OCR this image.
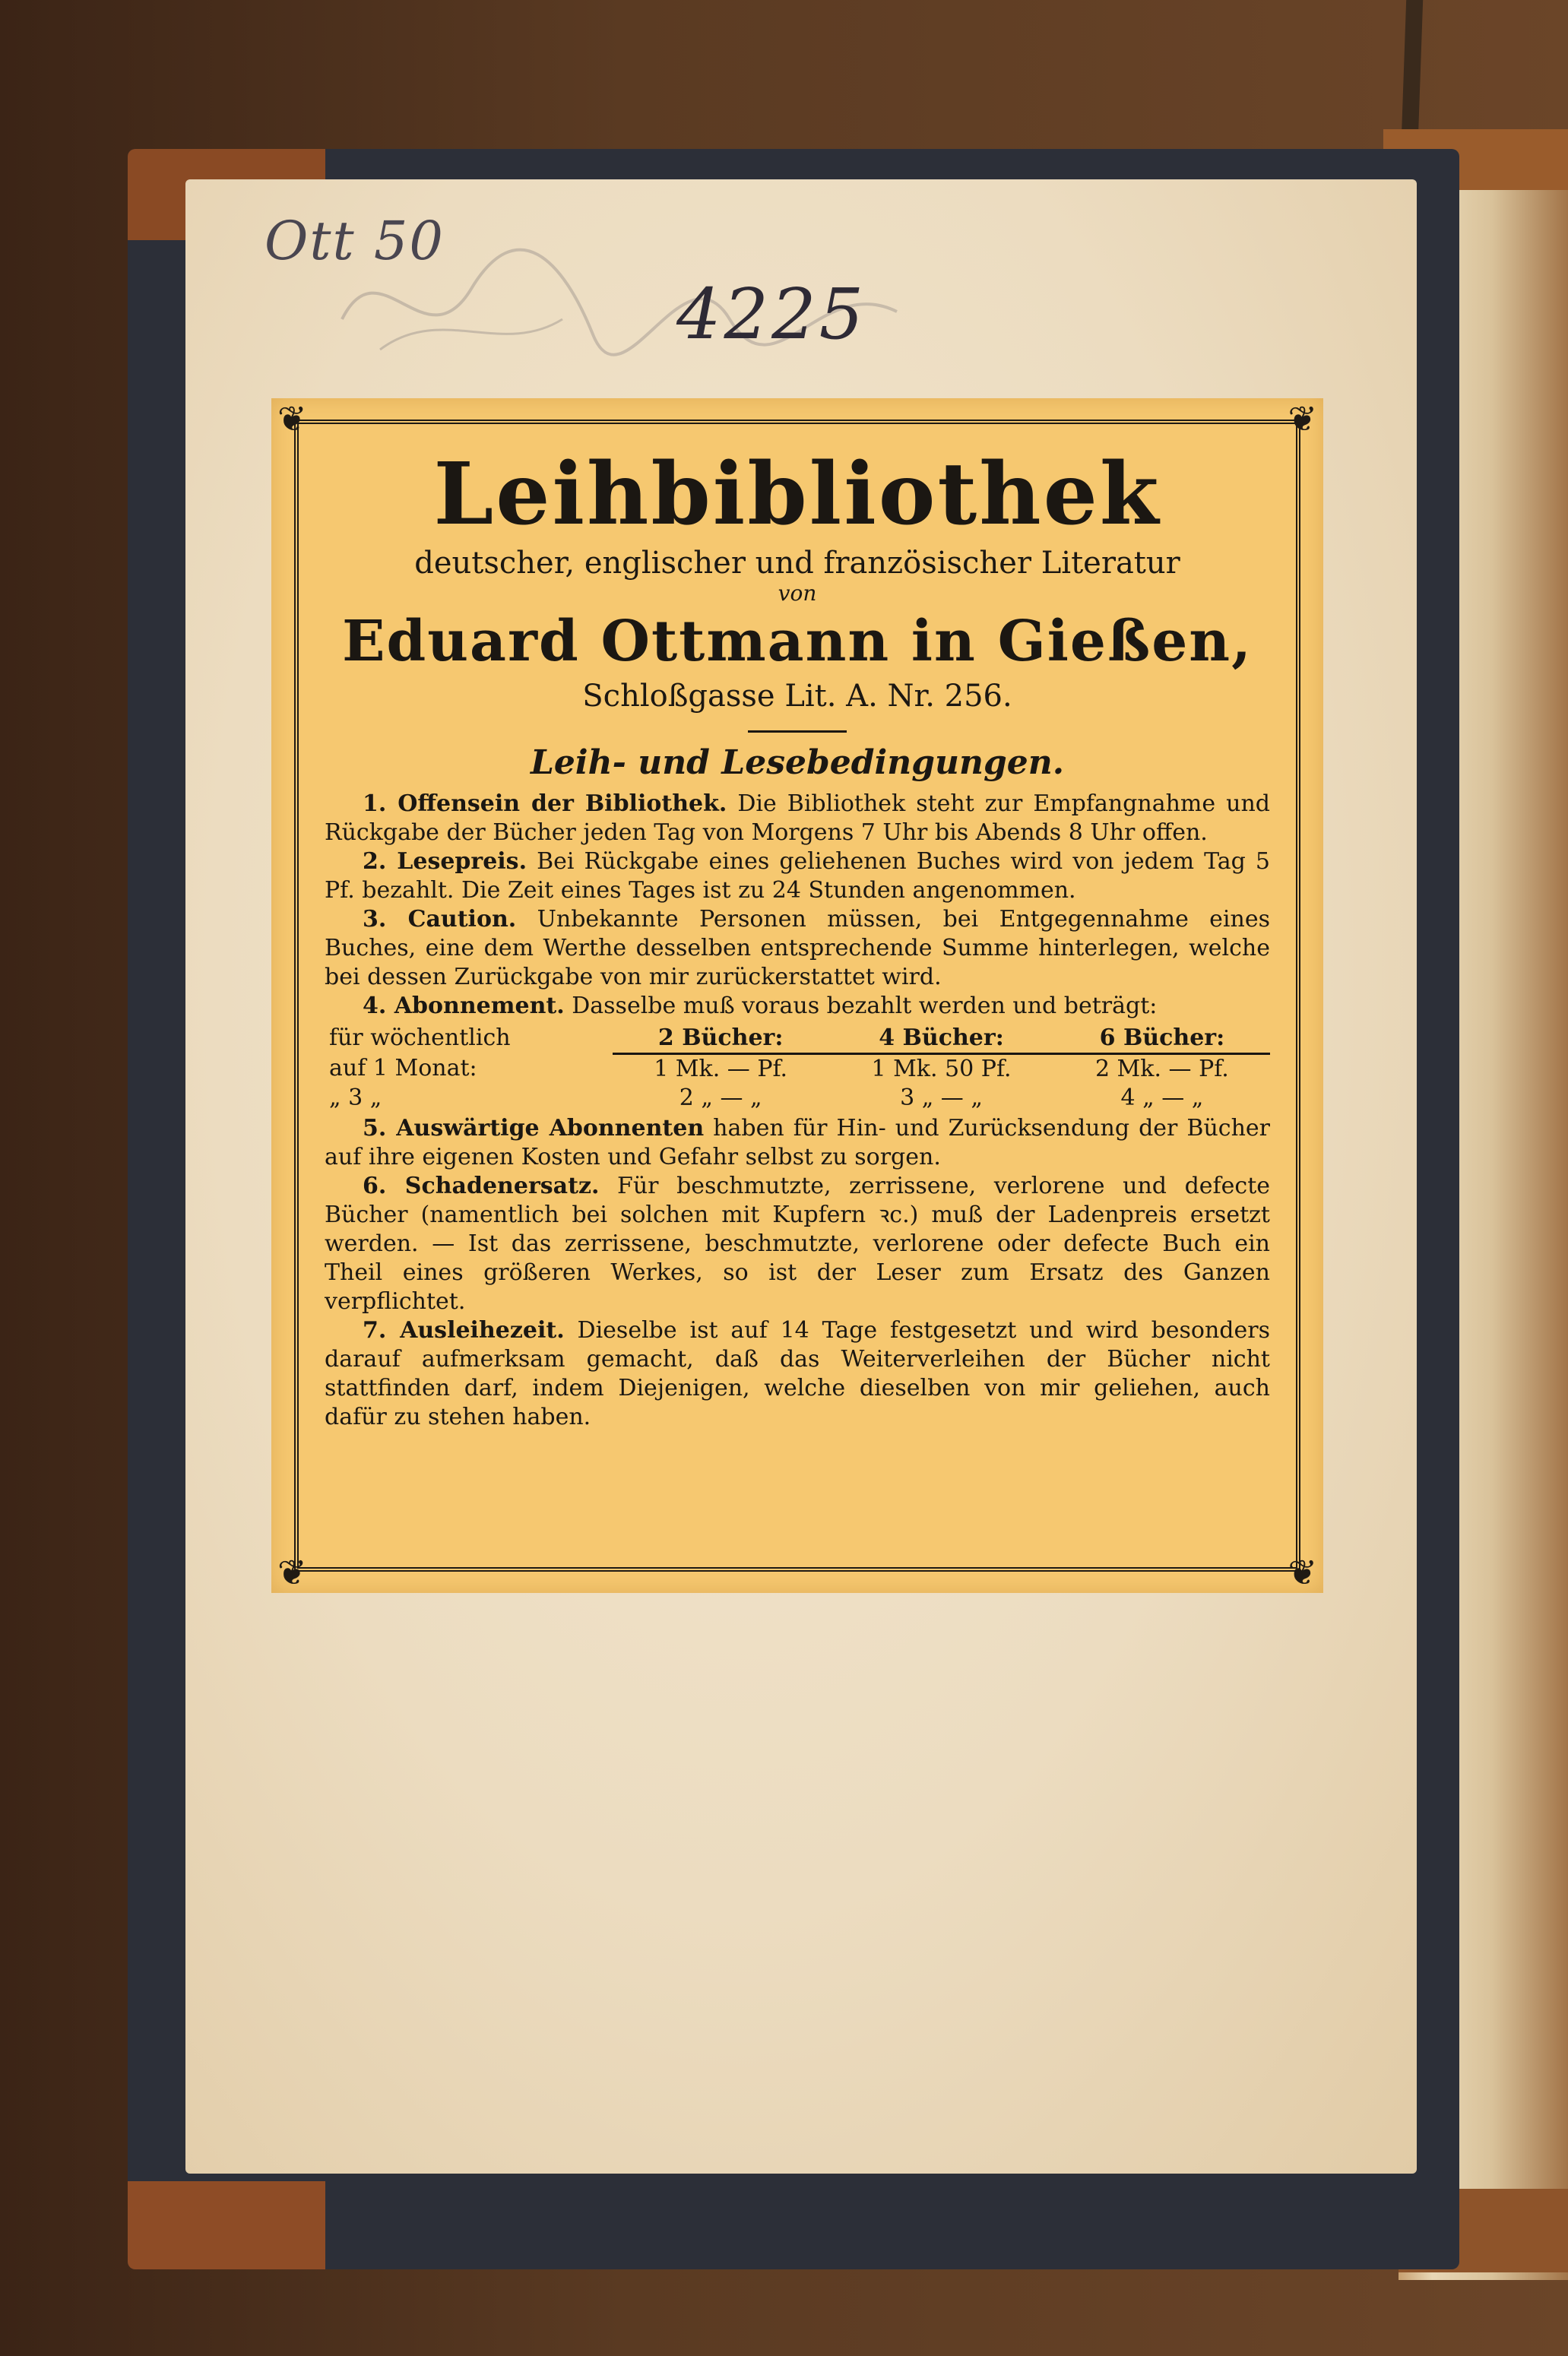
Ott 50
4225
❦	❦
❦	❦
Leihbibliothek
deutscher, englischer und französischer Literatur
von
Eduard Ottmann in Gießen,
Schloßgasse Lit. A. Nr. 256.
Leih- und Lesebedingungen.

1. Offensein der Bibliothek. Die Bibliothek steht zur Empfangnahme und Rückgabe der Bücher jeden Tag von Morgens 7 Uhr bis Abends 8 Uhr offen.

2. Lesepreis. Bei Rückgabe eines geliehenen Buches wird von jedem Tag 5 Pf. bezahlt. Die Zeit eines Tages ist zu 24 Stunden angenommen.

3. Caution. Unbekannte Personen müssen, bei Entgegennahme eines Buches, eine dem Werthe desselben entsprechende Summe hinterlegen, welche bei dessen Zurückgabe von mir zurückerstattet wird.

4. Abonnement. Dasselbe muß voraus bezahlt werden und beträgt:

für wöchentlich	2 Bücher:	4 Bücher:	6 Bücher:
auf 1 Monat:	1 Mk. — Pf.	1 Mk. 50 Pf.	2 Mk. — Pf.
„ 3 „	2 „ — „	3 „ — „	4 „ — „

5. Auswärtige Abonnenten haben für Hin- und Zurücksendung der Bücher auf ihre eigenen Kosten und Gefahr selbst zu sorgen.

6. Schadenersatz. Für beschmutzte, zerrissene, verlorene und defecte Bücher (namentlich bei solchen mit Kupfern ꝛc.) muß der Ladenpreis ersetzt werden. — Ist das zerrissene, beschmutzte, verlorene oder defecte Buch ein Theil eines größeren Werkes, so ist der Leser zum Ersatz des Ganzen verpflichtet.

7. Ausleihezeit. Dieselbe ist auf 14 Tage festgesetzt und wird besonders darauf aufmerksam gemacht, daß das Weiterverleihen der Bücher nicht stattfinden darf, indem Diejenigen, welche dieselben von mir geliehen, auch dafür zu stehen haben.
